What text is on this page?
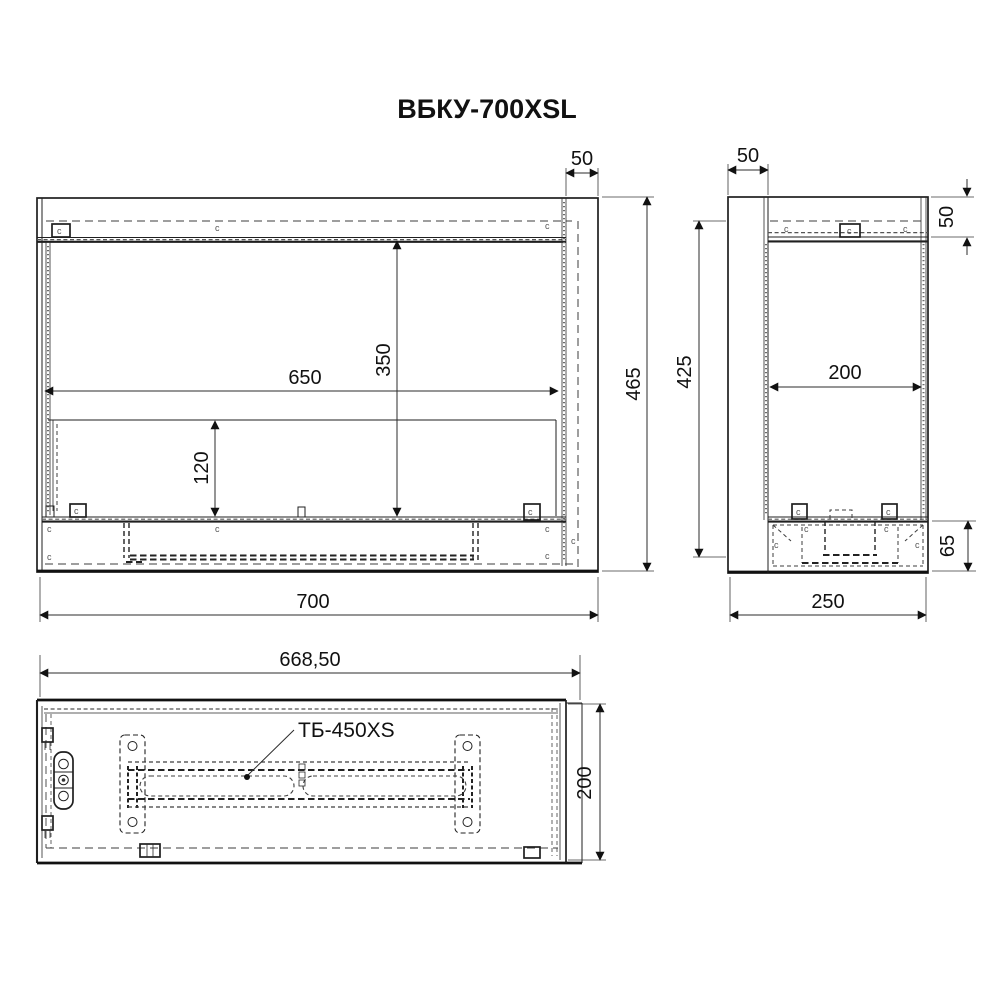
ВБКУ-700XSL
c
c	c
c
c
c	c
c
c
c	c
50
465
650
350
120
700
c
c	c
c	c
c
c	c
c
50
425	200
50
65
250
ТБ-450XS
668,50
200
